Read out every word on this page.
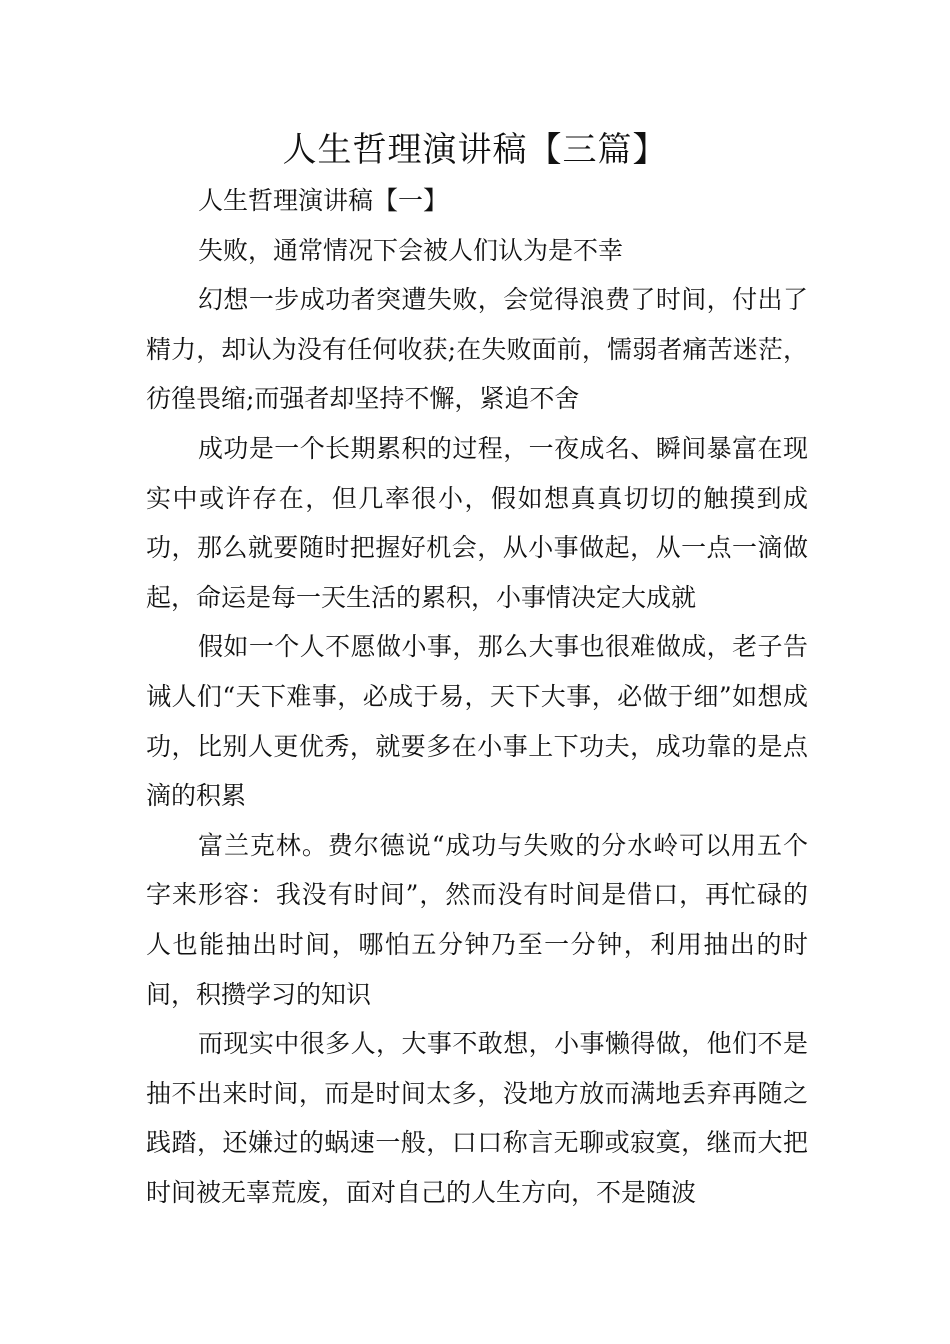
人生哲理演讲稿【三篇】

人生哲理演讲稿【一】

失败，通常情况下会被人们认为是不幸

幻想一步成功者突遭失败，会觉得浪费了时间，付出了精力，却认为没有任何收获;在失败面前，懦弱者痛苦迷茫，彷徨畏缩;而强者却坚持不懈，紧追不舍

成功是一个长期累积的过程，一夜成名、瞬间暴富在现实中或许存在，但几率很小，假如想真真切切的触摸到成功，那么就要随时把握好机会，从小事做起，从一点一滴做起，命运是每一天生活的累积，小事情决定大成就

假如一个人不愿做小事，那么大事也很难做成，老子告诫人们“天下难事，必成于易，天下大事，必做于细”如想成功，比别人更优秀，就要多在小事上下功夫，成功靠的是点滴的积累

富兰克林。费尔德说“成功与失败的分水岭可以用五个字来形容：我没有时间”，然而没有时间是借口，再忙碌的人也能抽出时间，哪怕五分钟乃至一分钟，利用抽出的时间，积攒学习的知识

而现实中很多人，大事不敢想，小事懒得做，他们不是抽不出来时间，而是时间太多，没地方放而满地丢弃再随之践踏，还嫌过的蜗速一般，口口称言无聊或寂寞，继而大把时间被无辜荒废，面对自己的人生方向，不是随波
